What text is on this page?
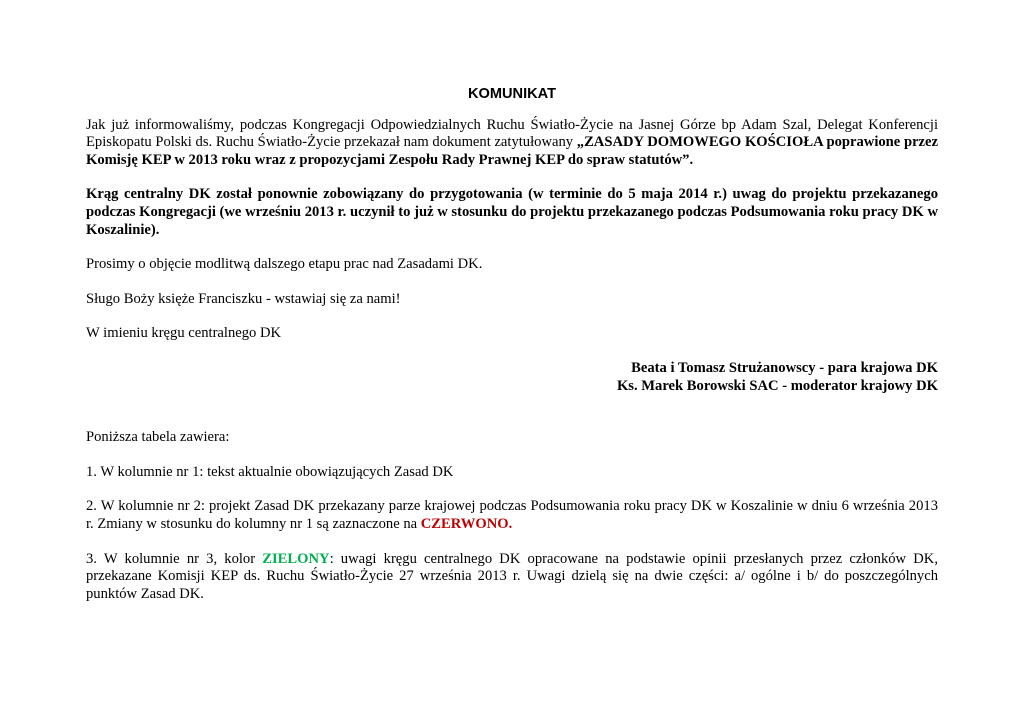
KOMUNIKAT

Jak już informowaliśmy, podczas Kongregacji Odpowiedzialnych Ruchu Światło-Życie na Jasnej Górze bp Adam Szal, Delegat Konferencji Episkopatu Polski ds. Ruchu Światło-Życie przekazał nam dokument zatytułowany „ZASADY DOMOWEGO KOŚCIOŁA poprawione przez Komisję KEP w 2013 roku wraz z propozycjami Zespołu Rady Prawnej KEP do spraw statutów”.

Krąg centralny DK został ponownie zobowiązany do przygotowania (w terminie do 5 maja 2014 r.) uwag do projektu przekazanego podczas Kongregacji (we wrześniu 2013 r. uczynił to już w stosunku do projektu przekazanego podczas Podsumowania roku pracy DK w Koszalinie).

Prosimy o objęcie modlitwą dalszego etapu prac nad Zasadami DK.

Sługo Boży księże Franciszku - wstawiaj się za nami!

W imieniu kręgu centralnego DK

Beata i Tomasz Strużanowscy - para krajowa DK
Ks. Marek Borowski SAC - moderator krajowy DK

Poniższa tabela zawiera:

1. W kolumnie nr 1: tekst aktualnie obowiązujących Zasad DK

2. W kolumnie nr 2: projekt Zasad DK przekazany parze krajowej podczas Podsumowania roku pracy DK w Koszalinie w dniu 6 września 2013 r. Zmiany w stosunku do kolumny nr 1 są zaznaczone na CZERWONO.

3. W kolumnie nr 3, kolor ZIELONY: uwagi kręgu centralnego DK opracowane na podstawie opinii przesłanych przez członków DK, przekazane Komisji KEP ds. Ruchu Światło-Życie 27 września 2013 r. Uwagi dzielą się na dwie części: a/ ogólne i b/ do poszczególnych punktów Zasad DK.
